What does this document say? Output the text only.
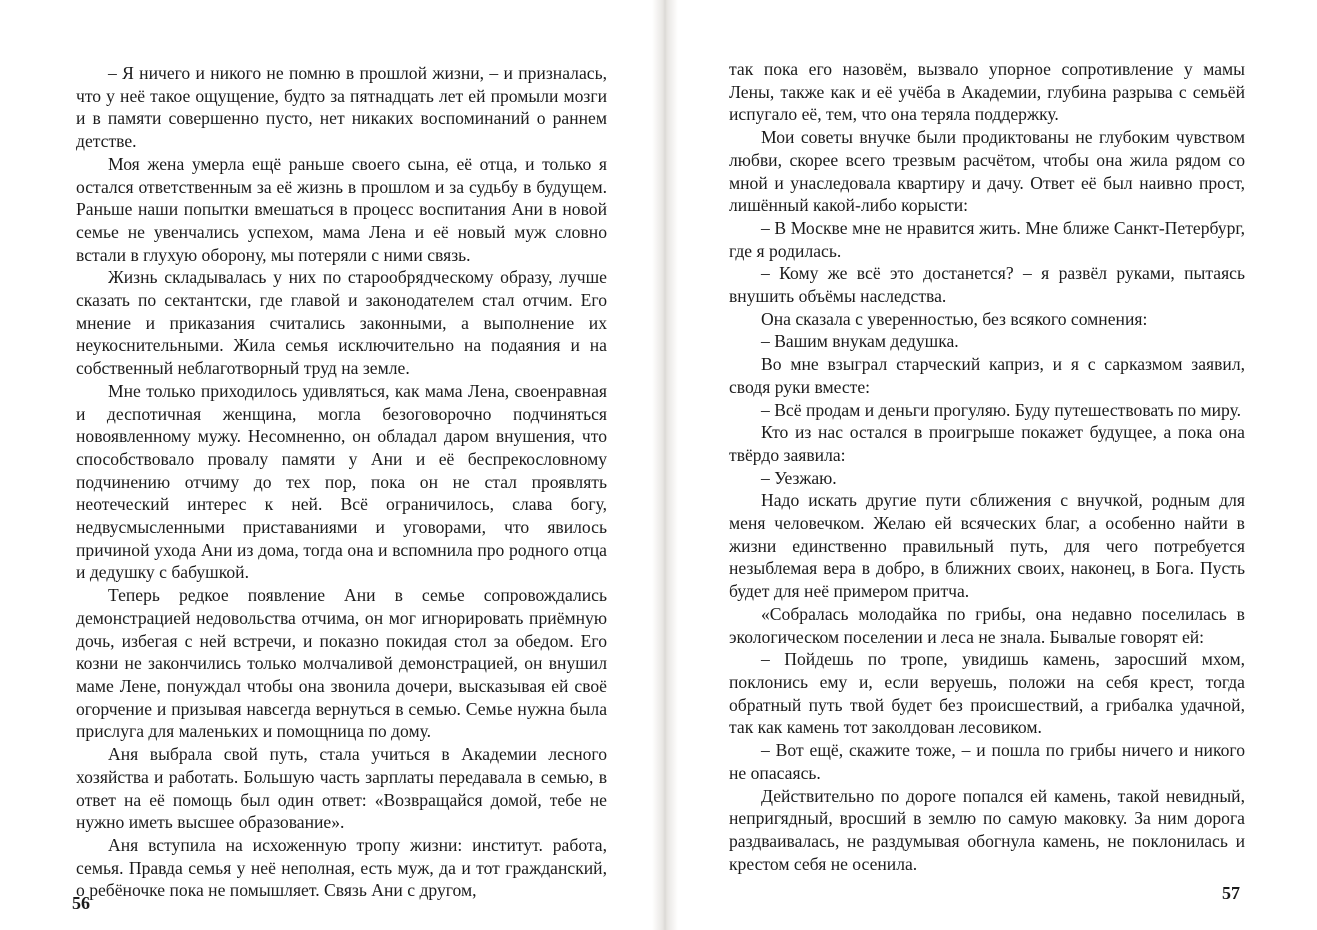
– Я ничего и никого не помню в прошлой жизни, – и призналась, что у неё такое ощущение, будто за пятнадцать лет ей промыли мозги и в памяти совершенно пусто, нет никаких воспоминаний о раннем детстве.

Моя жена умерла ещё раньше своего сына, её отца, и только я остался ответственным за её жизнь в прошлом и за судьбу в будущем. Раньше наши попытки вмешаться в процесс воспитания Ани в новой семье не увенчались успехом, мама Лена и её новый муж словно встали в глухую оборону, мы потеряли с ними связь.

Жизнь складывалась у них по старообрядческому образу, лучше сказать по сектантски, где главой и законодателем стал отчим. Его мнение и приказания считались законными, а выполнение их неукоснительными. Жила семья исключительно на подаяния и на собственный неблаготворный труд на земле.

Мне только приходилось удивляться, как мама Лена, своенравная и деспотичная женщина, могла безоговорочно подчиняться новоявленному мужу. Несомненно, он обладал даром внушения, что способствовало провалу памяти у Ани и её беспрекословному подчинению отчиму до тех пор, пока он не стал проявлять неотеческий интерес к ней. Всё ограничилось, слава богу, недвусмысленными приставаниями и уговорами, что явилось причиной ухода Ани из дома, тогда она и вспомнила про родного отца и дедушку с бабушкой.

Теперь редкое появление Ани в семье сопровождались демонстрацией недовольства отчима, он мог игнорировать приёмную дочь, избегая с ней встречи, и показно покидая стол за обедом. Его козни не закончились только молчаливой демонстрацией, он внушил маме Лене, понуждал чтобы она звонила дочери, высказывая ей своё огорчение и призывая навсегда вернуться в семью. Семье нужна была прислуга для маленьких и помощница по дому.

Аня выбрала свой путь, стала учиться в Академии лесного хозяйства и работать. Большую часть зарплаты передавала в семью, в ответ на её помощь был один ответ: «Возвращайся домой, тебе не нужно иметь высшее образование».

Аня вступила на исхоженную тропу жизни: институт. работа, семья. Правда семья у неё неполная, есть муж, да и тот гражданский, о ребёночке пока не помышляет. Связь Ани с другом,

56

так пока его назовём, вызвало упорное сопротивление у мамы Лены, также как и её учёба в Академии, глубина разрыва с семьёй испугало её, тем, что она теряла поддержку.

Мои советы внучке были продиктованы не глубоким чувством любви, скорее всего трезвым расчётом, чтобы она жила рядом со мной и унаследовала квартиру и дачу. Ответ её был наивно прост, лишённый какой-либо корысти:

– В Москве мне не нравится жить. Мне ближе Санкт-Петербург, где я родилась.

– Кому же всё это достанется? – я развёл руками, пытаясь внушить объёмы наследства.

Она сказала с уверенностью, без всякого сомнения:

– Вашим внукам дедушка.

Во мне взыграл старческий каприз, и я с сарказмом заявил, сводя руки вместе:

– Всё продам и деньги прогуляю. Буду путешествовать по миру.

Кто из нас остался в проигрыше покажет будущее, а пока она твёрдо заявила:

– Уезжаю.

Надо искать другие пути сближения с внучкой, родным для меня человечком. Желаю ей всяческих благ, а особенно найти в жизни единственно правильный путь, для чего потребуется незыблемая вера в добро, в ближних своих, наконец, в Бога. Пусть будет для неё примером притча.

«Собралась молодайка по грибы, она недавно поселилась в экологическом поселении и леса не знала. Бывалые говорят ей:

– Пойдешь по тропе, увидишь камень, заросший мхом, поклонись ему и, если веруешь, положи на себя крест, тогда обратный путь твой будет без происшествий, а грибалка удачной, так как камень тот заколдован лесовиком.

– Вот ещё, скажите тоже, – и пошла по грибы ничего и никого не опасаясь.

Действительно по дороге попался ей камень, такой невидный, непригядный, вросший в землю по самую маковку. За ним дорога раздваивалась, не раздумывая обогнула камень, не поклонилась и крестом себя не осенила.

57
